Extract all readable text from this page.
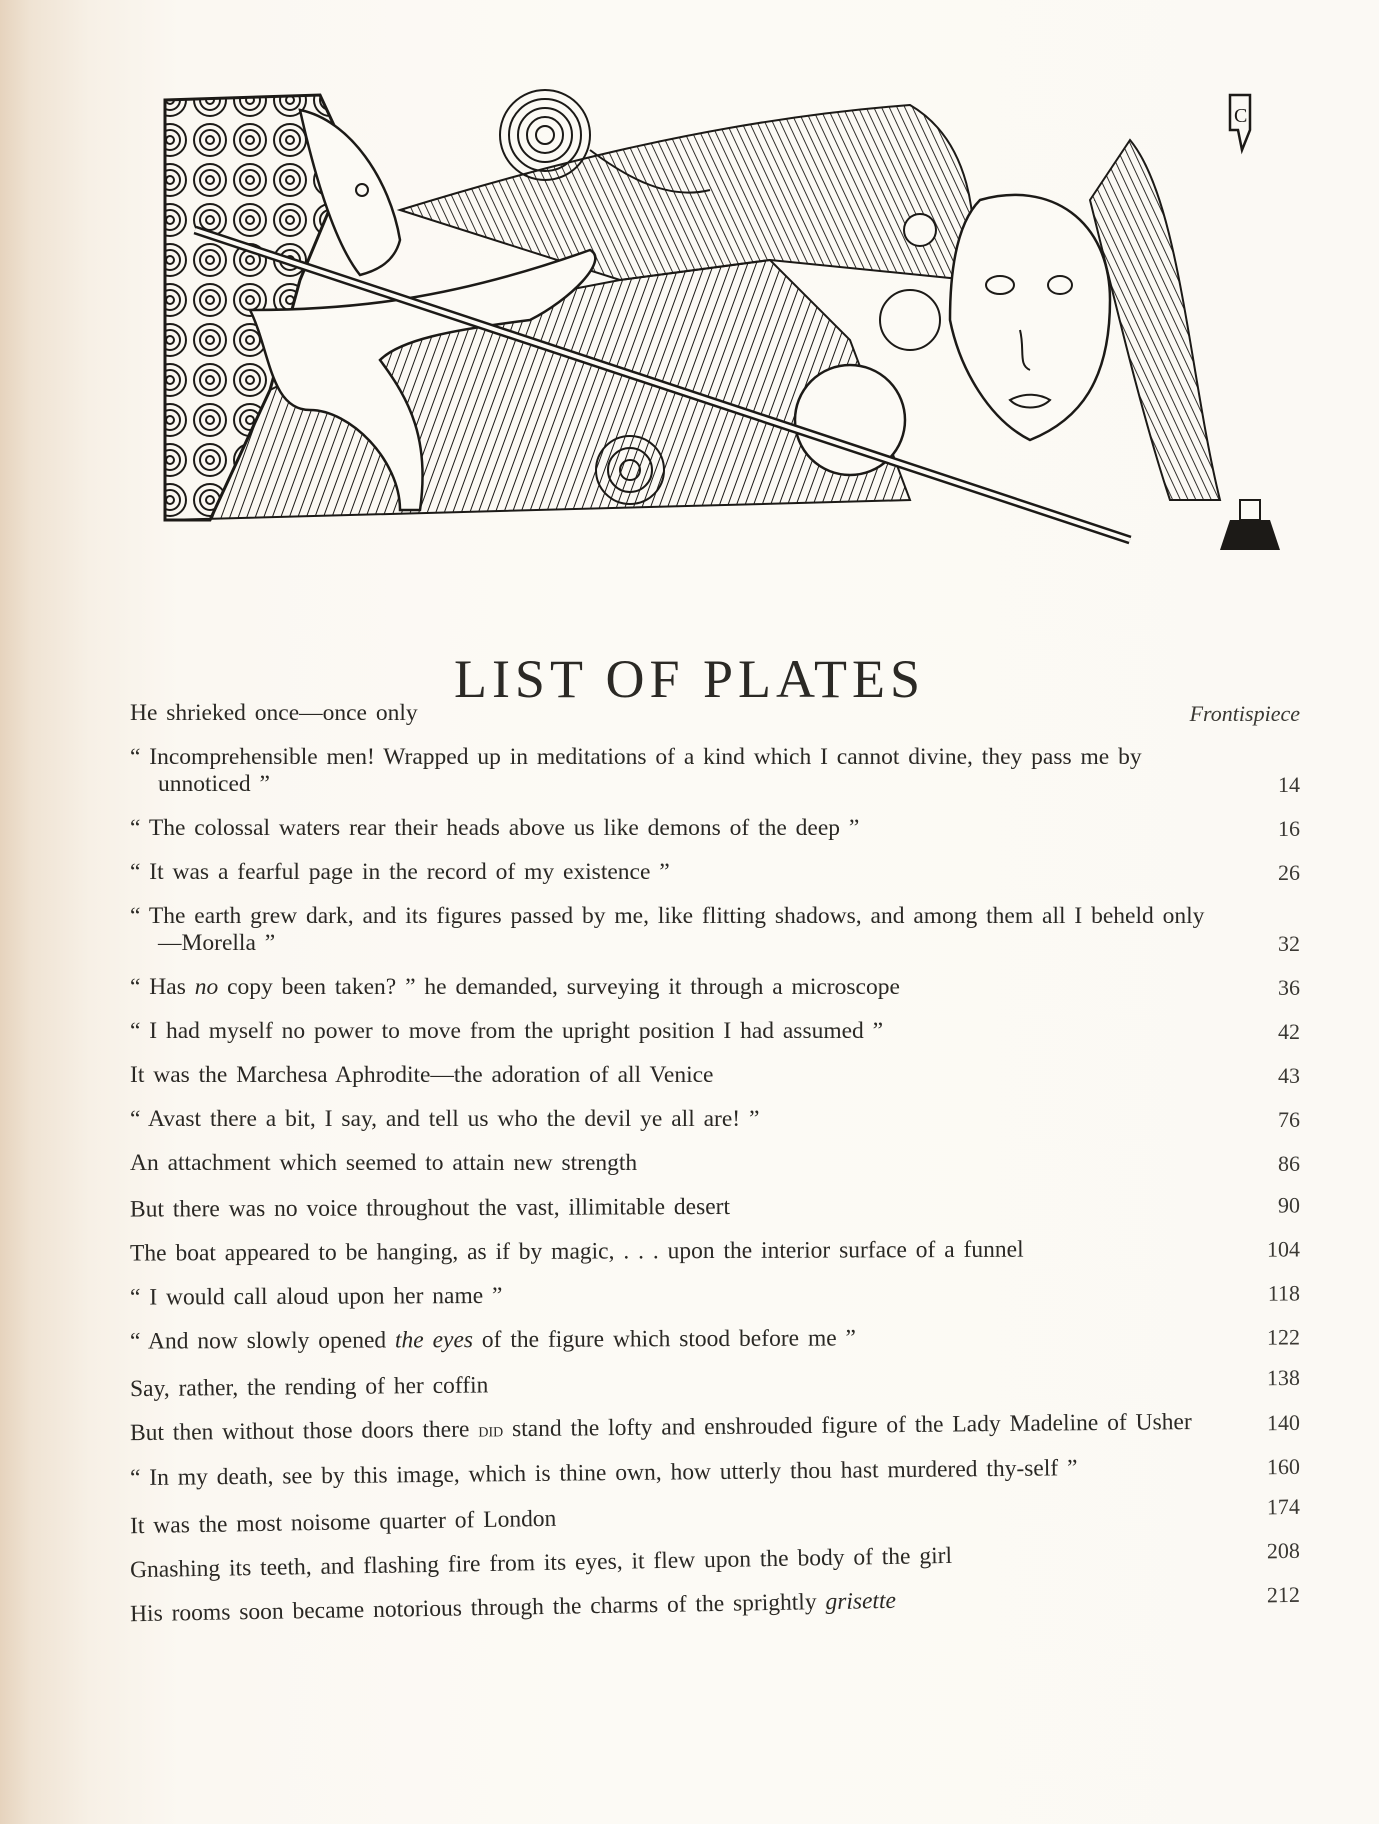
C
LIST OF PLATES
He shrieked once—once only	Frontispiece
“ Incomprehensible men! Wrapped up in meditations of a kind which I cannot divine, they pass me by unnoticed ”	14
“ The colossal waters rear their heads above us like demons of the deep ”	16
“ It was a fearful page in the record of my existence ”	26
“ The earth grew dark, and its figures passed by me, like flitting shadows, and among them all I beheld only—Morella ”	32
“ Has no copy been taken? ” he demanded, surveying it through a microscope	36
“ I had myself no power to move from the upright position I had assumed ”	42
It was the Marchesa Aphrodite—the adoration of all Venice	43
“ Avast there a bit, I say, and tell us who the devil ye all are! ”	76
An attachment which seemed to attain new strength	86
But there was no voice throughout the vast, illimitable desert	90
The boat appeared to be hanging, as if by magic, . . . upon the interior surface of a funnel	104
“ I would call aloud upon her name ”	118
“ And now slowly opened the eyes of the figure which stood before me ”	122
Say, rather, the rending of her coffin	138
But then without those doors there did stand the lofty and enshrouded figure of the Lady Madeline of Usher	140
“ In my death, see by this image, which is thine own, how utterly thou hast murdered thy-self ”	160
It was the most noisome quarter of London	174
Gnashing its teeth, and flashing fire from its eyes, it flew upon the body of the girl	208
His rooms soon became notorious through the charms of the sprightly grisette	212
